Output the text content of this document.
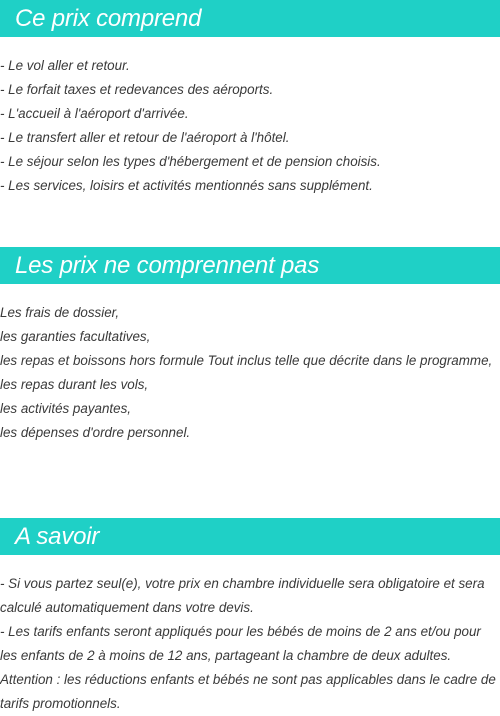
Ce prix comprend

- Le vol aller et retour.

- Le forfait taxes et redevances des aéroports.

- L'accueil à l'aéroport d'arrivée.

- Le transfert aller et retour de l'aéroport à l'hôtel.

- Le séjour selon les types d'hébergement et de pension choisis.

- Les services, loisirs et activités mentionnés sans supplément.

Les prix ne comprennent pas

Les frais de dossier,

les garanties facultatives,

les repas et boissons hors formule Tout inclus telle que décrite dans le programme,

les repas durant les vols,

les activités payantes,

les dépenses d'ordre personnel.

A savoir

- Si vous partez seul(e), votre prix en chambre individuelle sera obligatoire et sera calculé automatiquement dans votre devis.

- Les tarifs enfants seront appliqués pour les bébés de moins de 2 ans et/ou pour les enfants de 2 à moins de 12 ans, partageant la chambre de deux adultes.

Attention : les réductions enfants et bébés ne sont pas applicables dans le cadre de tarifs promotionnels.
